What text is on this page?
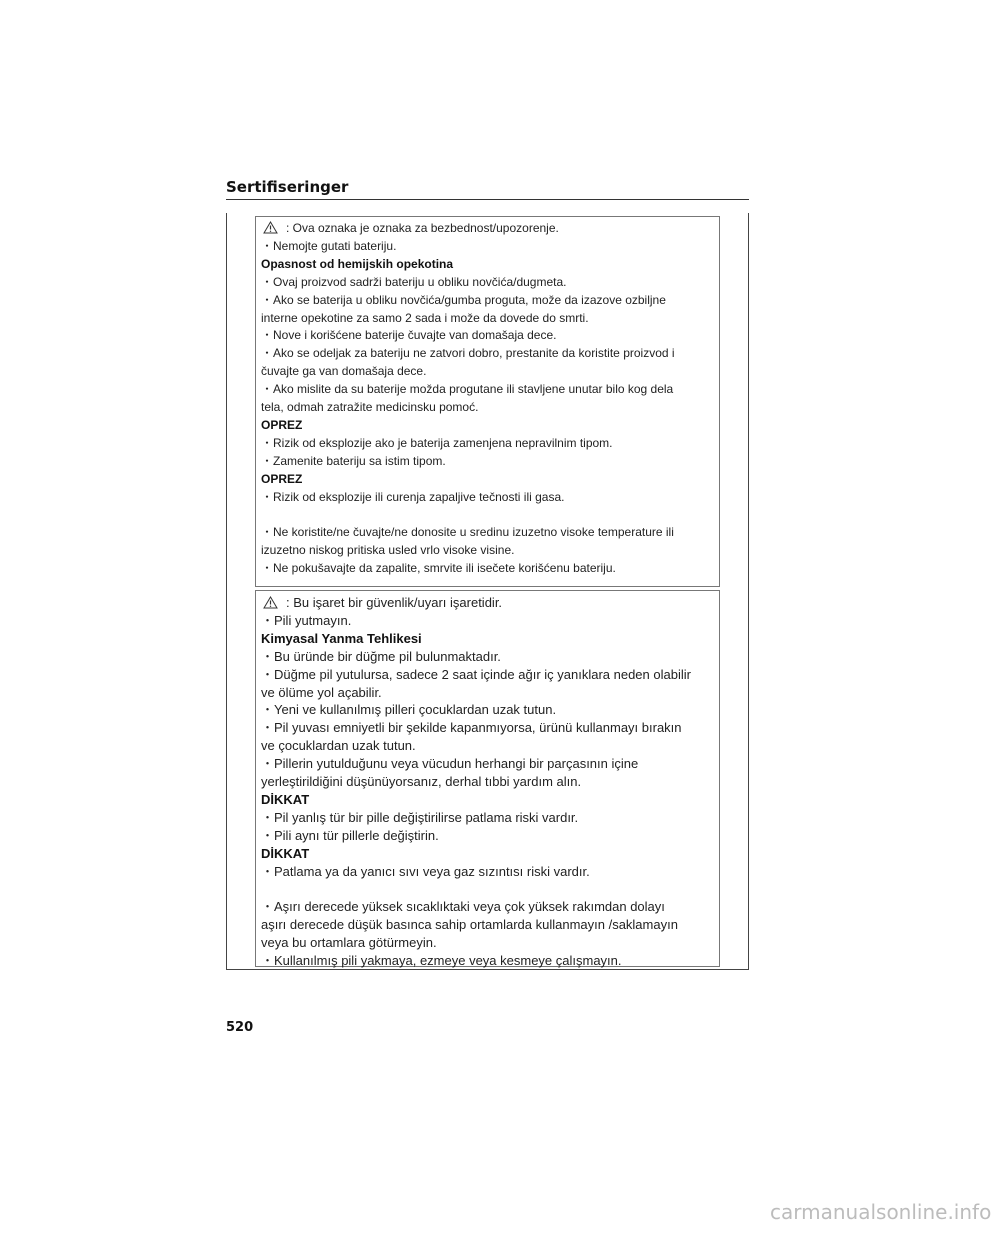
Sertifiseringer
: Ova oznaka je oznaka za bezbednost/upozorenje.
・Nemojte gutati bateriju.
Opasnost od hemijskih opekotina
・Ovaj proizvod sadrži bateriju u obliku novčića/dugmeta.
・Ako se baterija u obliku novčića/gumba proguta, može da izazove ozbiljne
interne opekotine za samo 2 sada i može da dovede do smrti.
・Nove i korišćene baterije čuvajte van domašaja dece.
・Ako se odeljak za bateriju ne zatvori dobro, prestanite da koristite proizvod i
čuvajte ga van domašaja dece.
・Ako mislite da su baterije možda progutane ili stavljene unutar bilo kog dela
tela, odmah zatražite medicinsku pomoć.
OPREZ
・Rizik od eksplozije ako je baterija zamenjena nepravilnim tipom.
・Zamenite bateriju sa istim tipom.
OPREZ
・Rizik od eksplozije ili curenja zapaljive tečnosti ili gasa.
・Ne koristite/ne čuvajte/ne donosite u sredinu izuzetno visoke temperature ili
izuzetno niskog pritiska usled vrlo visoke visine.
・Ne pokušavajte da zapalite, smrvite ili isečete korišćenu bateriju.
: Bu işaret bir güvenlik/uyarı işaretidir.
・Pili yutmayın.
Kimyasal Yanma Tehlikesi
・Bu üründe bir düğme pil bulunmaktadır.
・Düğme pil yutulursa, sadece 2 saat içinde ağır iç yanıklara neden olabilir
ve ölüme yol açabilir.
・Yeni ve kullanılmış pilleri çocuklardan uzak tutun.
・Pil yuvası emniyetli bir şekilde kapanmıyorsa, ürünü kullanmayı bırakın
ve çocuklardan uzak tutun.
・Pillerin yutulduğunu veya vücudun herhangi bir parçasının içine
yerleştirildiğini düşünüyorsanız, derhal tıbbi yardım alın.
DİKKAT
・Pil yanlış tür bir pille değiştirilirse patlama riski vardır.
・Pili aynı tür pillerle değiştirin.
DİKKAT
・Patlama ya da yanıcı sıvı veya gaz sızıntısı riski vardır.
・Aşırı derecede yüksek sıcaklıktaki veya çok yüksek rakımdan dolayı
aşırı derecede düşük basınca sahip ortamlarda kullanmayın /saklamayın
veya bu ortamlara götürmeyin.
・Kullanılmış pili yakmaya, ezmeye veya kesmeye çalışmayın.
520
carmanualsonline.info
